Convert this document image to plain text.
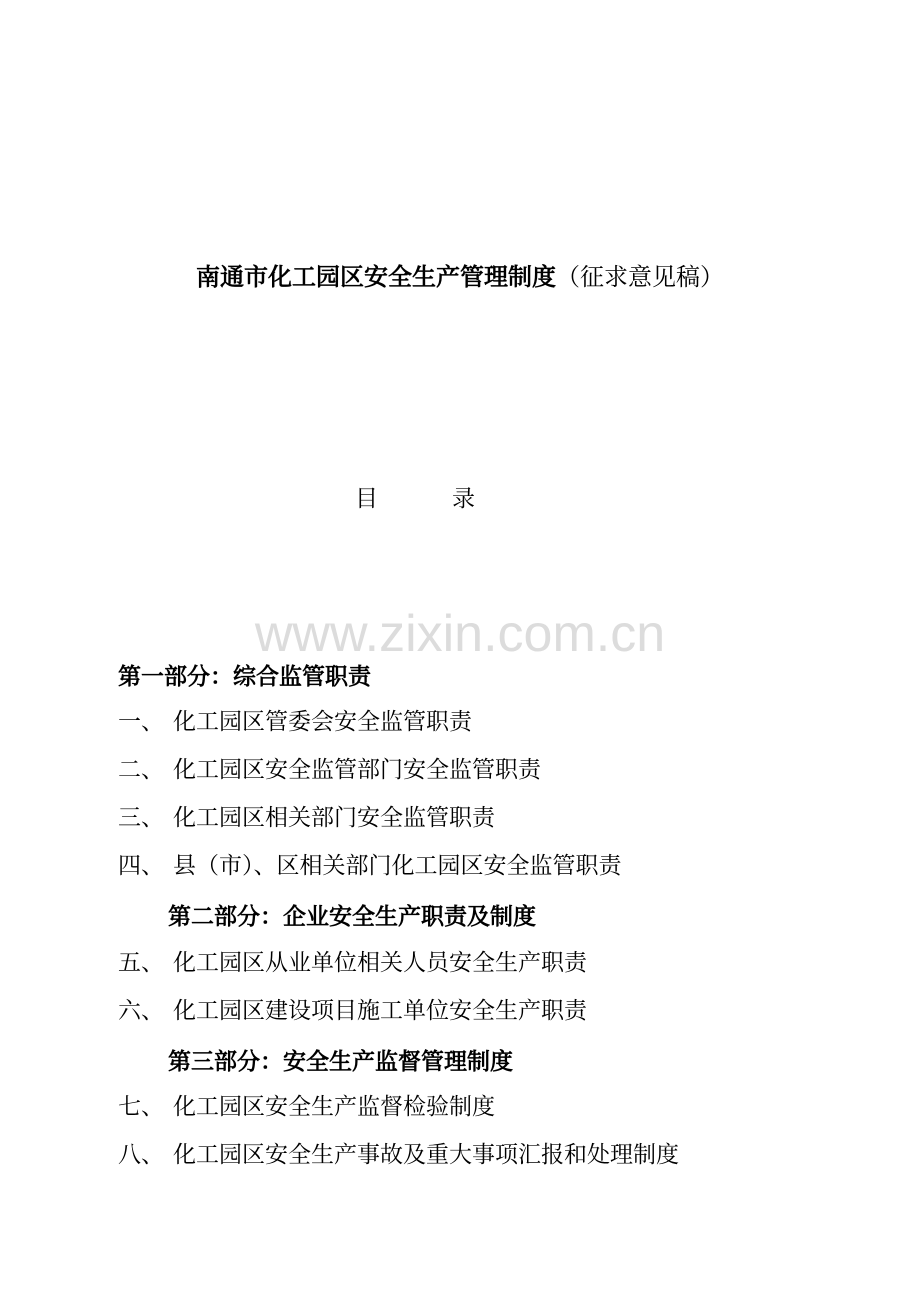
南通市化工园区安全生产管理制度（征求意见稿）
目	录
www.zixin.com.cn
第一部分：综合监管职责
一、 化工园区管委会安全监管职责
二、 化工园区安全监管部门安全监管职责
三、 化工园区相关部门安全监管职责
四、 县（市）、区相关部门化工园区安全监管职责
第二部分：企业安全生产职责及制度
五、 化工园区从业单位相关人员安全生产职责
六、 化工园区建设项目施工单位安全生产职责
第三部分：安全生产监督管理制度
七、 化工园区安全生产监督检验制度
八、 化工园区安全生产事故及重大事项汇报和处理制度
